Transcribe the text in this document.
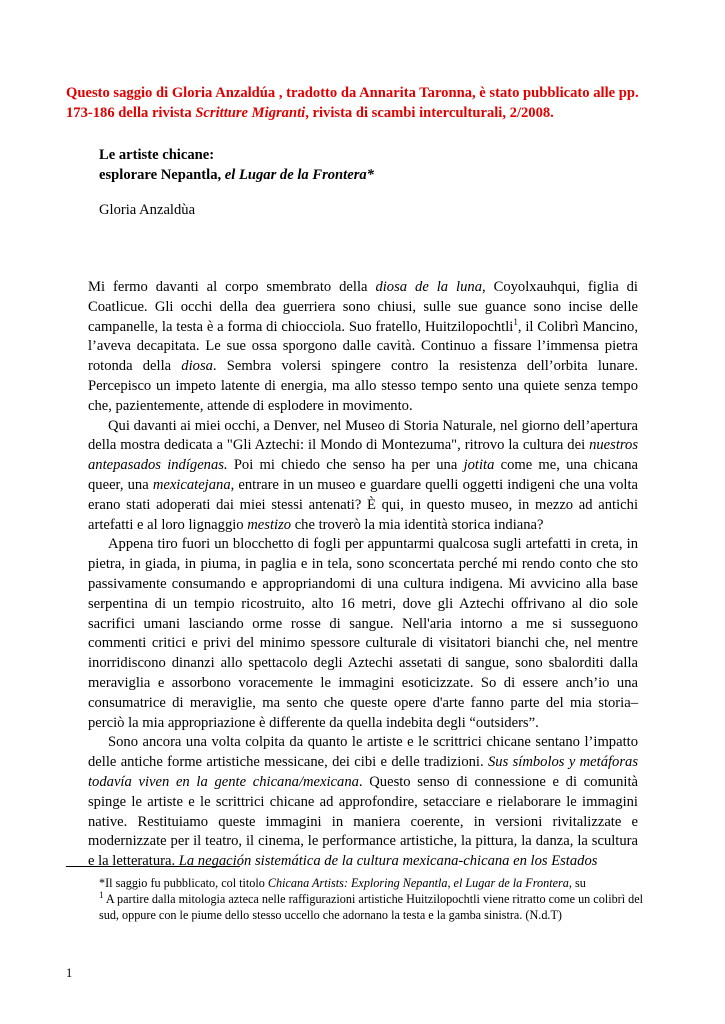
Questo saggio di Gloria Anzaldúa , tradotto da Annarita Taronna, è stato pubblicato alle pp. 173-186 della rivista Scritture Migranti, rivista di scambi interculturali, 2/2008.
Le artiste chicane:
esplorare Nepantla, el Lugar de la Frontera*
Gloria Anzaldùa

Mi fermo davanti al corpo smembrato della diosa de la luna, Coyolxauhqui, figlia di Coatlicue. Gli occhi della dea guerriera sono chiusi, sulle sue guance sono incise delle campanelle, la testa è a forma di chiocciola. Suo fratello, Huitzilopochtli$^1$, il Colibrì Mancino, l’aveva decapitata. Le sue ossa sporgono dalle cavità. Continuo a fissare l’immensa pietra rotonda della diosa. Sembra volersi spingere contro la resistenza dell’orbita lunare. Percepisco un impeto latente di energia, ma allo stesso tempo sento una quiete senza tempo che, pazientemente, attende di esplodere in movimento.

Qui davanti ai miei occhi, a Denver, nel Museo di Storia Naturale, nel giorno dell’apertura della mostra dedicata a "Gli Aztechi: il Mondo di Montezuma", ritrovo la cultura dei nuestros antepasados indígenas. Poi mi chiedo che senso ha per una jotita come me, una chicana queer, una mexicatejana, entrare in un museo e guardare quelli oggetti indigeni che una volta erano stati adoperati dai miei stessi antenati? È qui, in questo museo, in mezzo ad antichi artefatti e al loro lignaggio mestizo che troverò la mia identità storica indiana?

Appena tiro fuori un blocchetto di fogli per appuntarmi qualcosa sugli artefatti in creta, in pietra, in giada, in piuma, in paglia e in tela, sono sconcertata perché mi rendo conto che sto passivamente consumando e appropriandomi di una cultura indigena. Mi avvicino alla base serpentina di un tempio ricostruito, alto 16 metri, dove gli Aztechi offrivano al dio sole sacrifici umani lasciando orme rosse di sangue. Nell'aria intorno a me si susseguono commenti critici e privi del minimo spessore culturale di visitatori bianchi che, nel mentre inorridiscono dinanzi allo spettacolo degli Aztechi assetati di sangue, sono sbalorditi dalla meraviglia e assorbono voracemente le immagini esoticizzate. So di essere anch’io una consumatrice di meraviglie, ma sento che queste opere d'arte fanno parte del mia storia–perciò la mia appropriazione è differente da quella indebita degli “outsiders”.

Sono ancora una volta colpita da quanto le artiste e le scrittrici chicane sentano l’impatto delle antiche forme artistiche messicane, dei cibi e delle tradizioni. Sus símbolos y metáforas todavía viven en la gente chicana/mexicana. Questo senso di connessione e di comunità spinge le artiste e le scrittrici chicane ad approfondire, setacciare e rielaborare le immagini native. Restituiamo queste immagini in maniera coerente, in versioni rivitalizzate e modernizzate per il teatro, il cinema, le performance artistiche, la pittura, la danza, la scultura e la letteratura. La negación sistemática de la cultura mexicana-chicana en los Estados

*Il saggio fu pubblicato, col titolo Chicana Artists: Exploring Nepantla, el Lugar de la Frontera, su

$^1$ A partire dalla mitologia azteca nelle raffigurazioni artistiche Huitzilopochtli viene ritratto come un colibrì del sud, oppure con le piume dello stesso uccello che adornano la testa e la gamba sinistra. (N.d.T)

1
